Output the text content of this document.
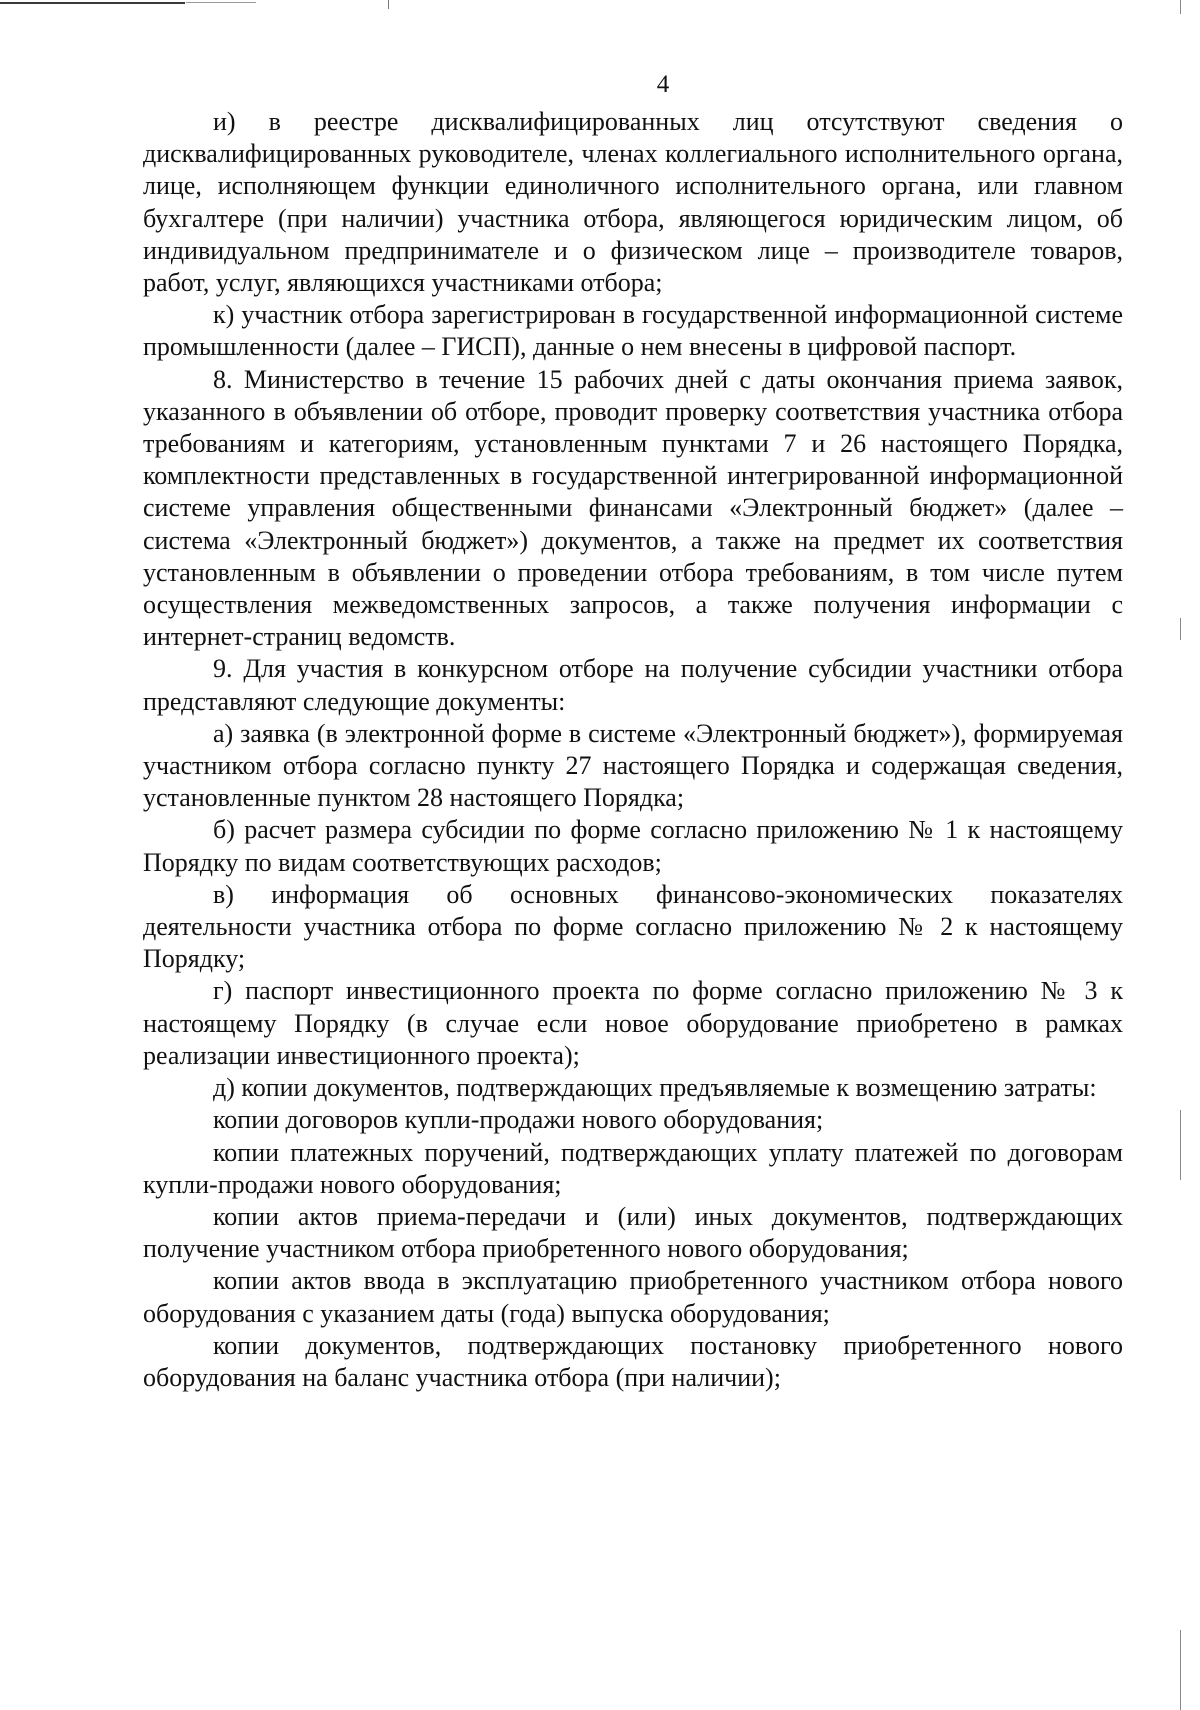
4

и) в реестре дисквалифицированных лиц отсутствуют сведения о дисквалифицированных руководителе, членах коллегиального исполнительного органа, лице, исполняющем функции единоличного исполнительного органа, или главном бухгалтере (при наличии) участника отбора, являющегося юридическим лицом, об индивидуальном предпринимателе и о физическом лице – производителе товаров, работ, услуг, являющихся участниками отбора;

к) участник отбора зарегистрирован в государственной информационной системе промышленности (далее – ГИСП), данные о нем внесены в цифровой паспорт.

8. Министерство в течение 15 рабочих дней с даты окончания приема заявок, указанного в объявлении об отборе, проводит проверку соответствия участника отбора требованиям и категориям, установленным пунктами 7 и 26 настоящего Порядка, комплектности представленных в государственной интегрированной информационной системе управления общественными финансами «Электронный бюджет» (далее – система «Электронный бюджет») документов, а также на предмет их соответствия установленным в объявлении о проведении отбора требованиям, в том числе путем осуществления межведомственных запросов, а также получения информации с интернет-страниц ведомств.

9. Для участия в конкурсном отборе на получение субсидии участники отбора представляют следующие документы:

а) заявка (в электронной форме в системе «Электронный бюджет»), формируемая участником отбора согласно пункту 27 настоящего Порядка и содержащая сведения, установленные пунктом 28 настоящего Порядка;

б) расчет размера субсидии по форме согласно приложению № 1 к настоящему Порядку по видам соответствующих расходов;

в) информация об основных финансово-экономических показателях деятельности участника отбора по форме согласно приложению № 2 к настоящему Порядку;

г) паспорт инвестиционного проекта по форме согласно приложению № 3 к настоящему Порядку (в случае если новое оборудование приобретено в рамках реализации инвестиционного проекта);

д) копии документов, подтверждающих предъявляемые к возмещению затраты:

копии договоров купли-продажи нового оборудования;

копии платежных поручений, подтверждающих уплату платежей по договорам купли-продажи нового оборудования;

копии актов приема-передачи и (или) иных документов, подтверждающих получение участником отбора приобретенного нового оборудования;

копии актов ввода в эксплуатацию приобретенного участником отбора нового оборудования с указанием даты (года) выпуска оборудования;

копии документов, подтверждающих постановку приобретенного нового оборудования на баланс участника отбора (при наличии);
